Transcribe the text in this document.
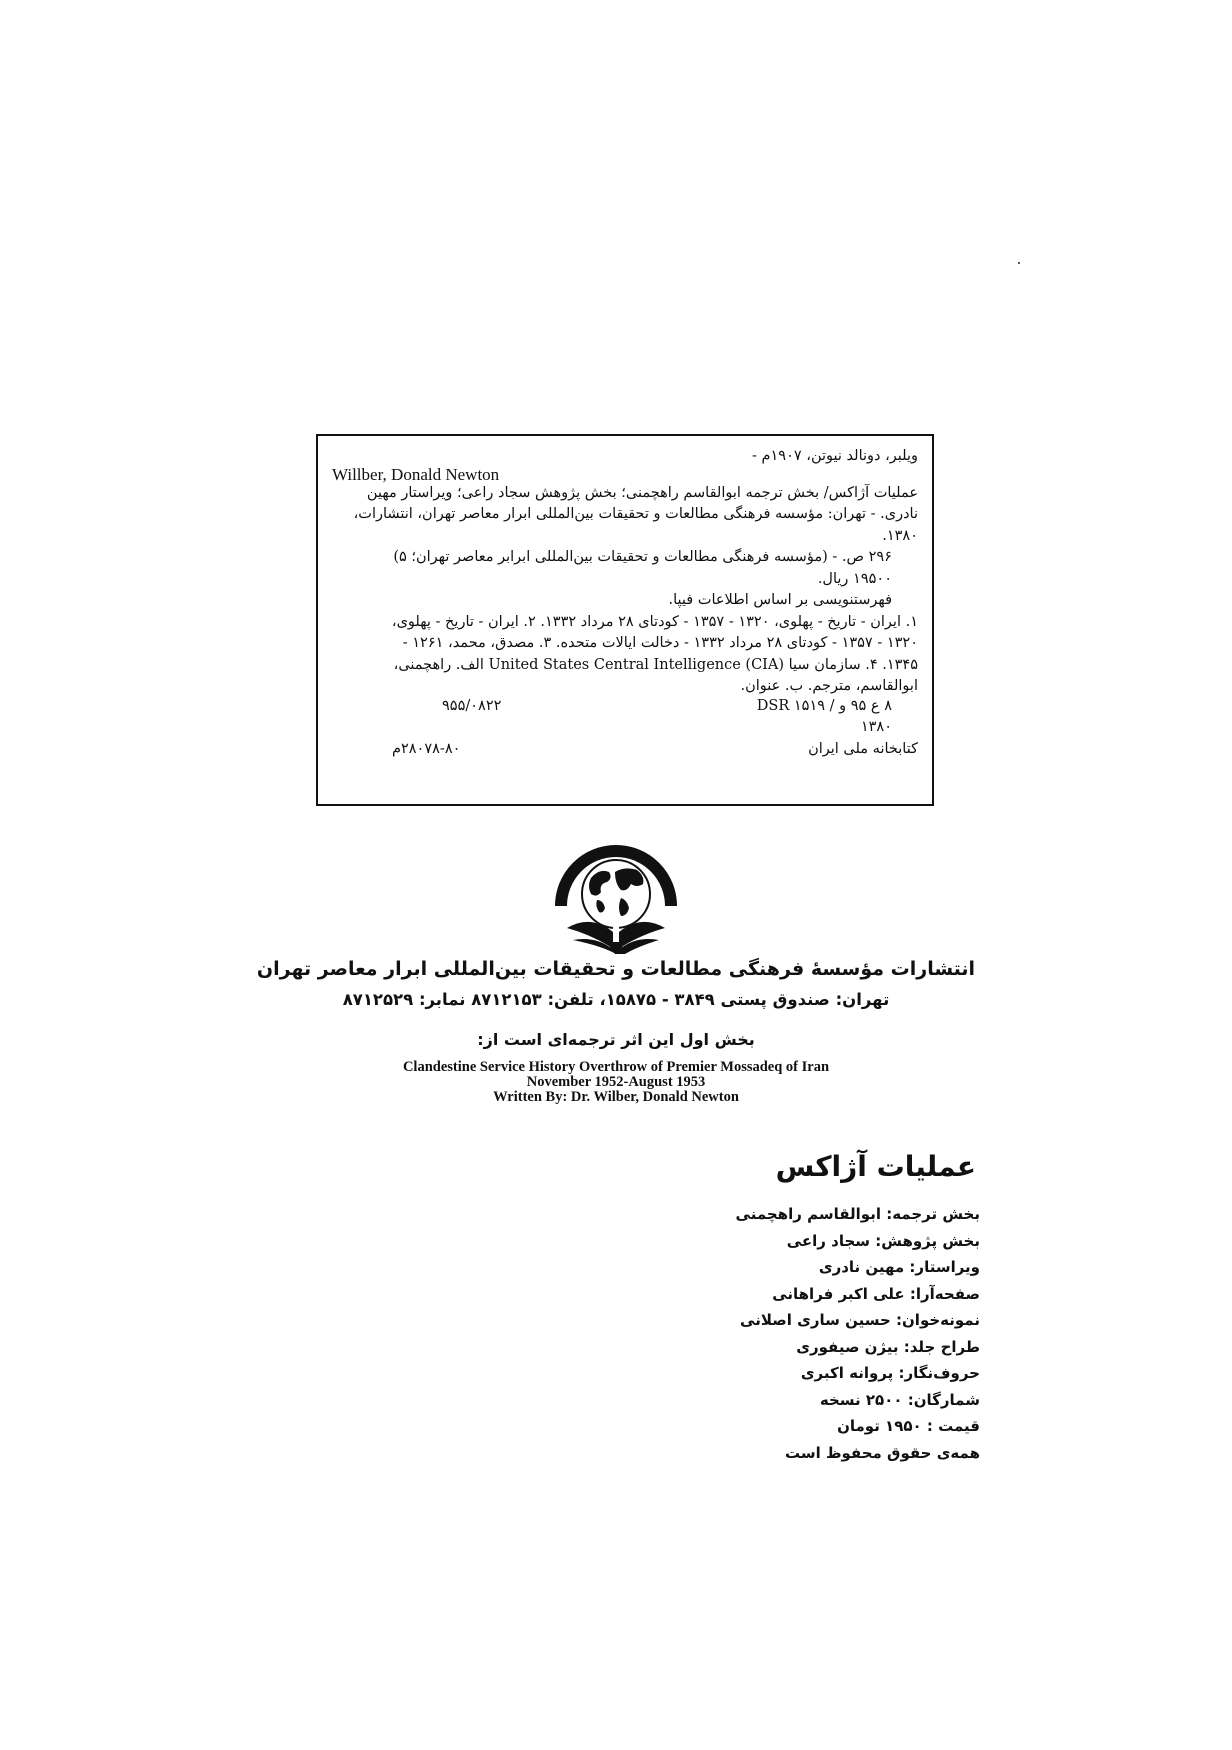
ویلبر، دونالد نیوتن، ۱۹۰۷م -
Willber, Donald Newton
عملیات آژاکس/ بخش ترجمه ابوالقاسم راهچمنی؛ بخش پژوهش سجاد راعی؛ ویراستار مهین
نادری. - تهران: مؤسسه فرهنگی مطالعات و تحقیقات بین‌المللی ابرار معاصر تهران، انتشارات،
۱۳۸۰.
۲۹۶ ص. - (مؤسسه فرهنگی مطالعات و تحقیقات بین‌المللی ابرابر معاصر تهران؛ ۵)
۱۹۵۰۰ ریال.
فهرستنویسی بر اساس اطلاعات فیپا.
۱. ایران - تاریخ - پهلوی، ۱۳۲۰ - ۱۳۵۷ - کودتای ۲۸ مرداد ۱۳۳۲. ۲. ایران - تاریخ - پهلوی،
۱۳۲۰ - ۱۳۵۷ - کودتای ۲۸ مرداد ۱۳۳۲ - دخالت ایالات متحده. ۳. مصدق، محمد، ۱۲۶۱ -
۱۳۴۵. ۴. سازمان سیا United States Central Intelligence (CIA) الف. راهچمنی،
ابوالقاسم، مترجم. ب. عنوان.
۸ ع ۹۵ و / ۱۵۱۹ DSR
۹۵۵/۰۸۲۲
۱۳۸۰
کتابخانه ملی ایران
۲۸۰۷۸-۸۰م
انتشارات مؤسسهٔ فرهنگی مطالعات و تحقیقات بین‌المللی ابرار معاصر تهران
تهران: صندوق پستی ۳۸۴۹ - ۱۵۸۷۵، تلفن: ۸۷۱۲۱۵۳ نمابر: ۸۷۱۲۵۲۹
بخش اول این اثر ترجمه‌ای است از:
Clandestine Service History Overthrow of Premier Mossadeq of Iran
November 1952-August 1953
Written By: Dr. Wilber, Donald Newton
عملیات آژاکس
بخش ترجمه: ابوالقاسم راهچمنی
بخش پژوهش: سجاد راعی
ویراستار: مهین نادری
صفحه‌آرا: علی اکبر فراهانی
نمونه‌خوان: حسین ساری اصلانی
طراح جلد: بیژن صیفوری
حروف‌نگار: پروانه اکبری
شمارگان: ۲۵۰۰ نسخه
قیمت : ۱۹۵۰ تومان
همه‌ی حقوق محفوظ است
